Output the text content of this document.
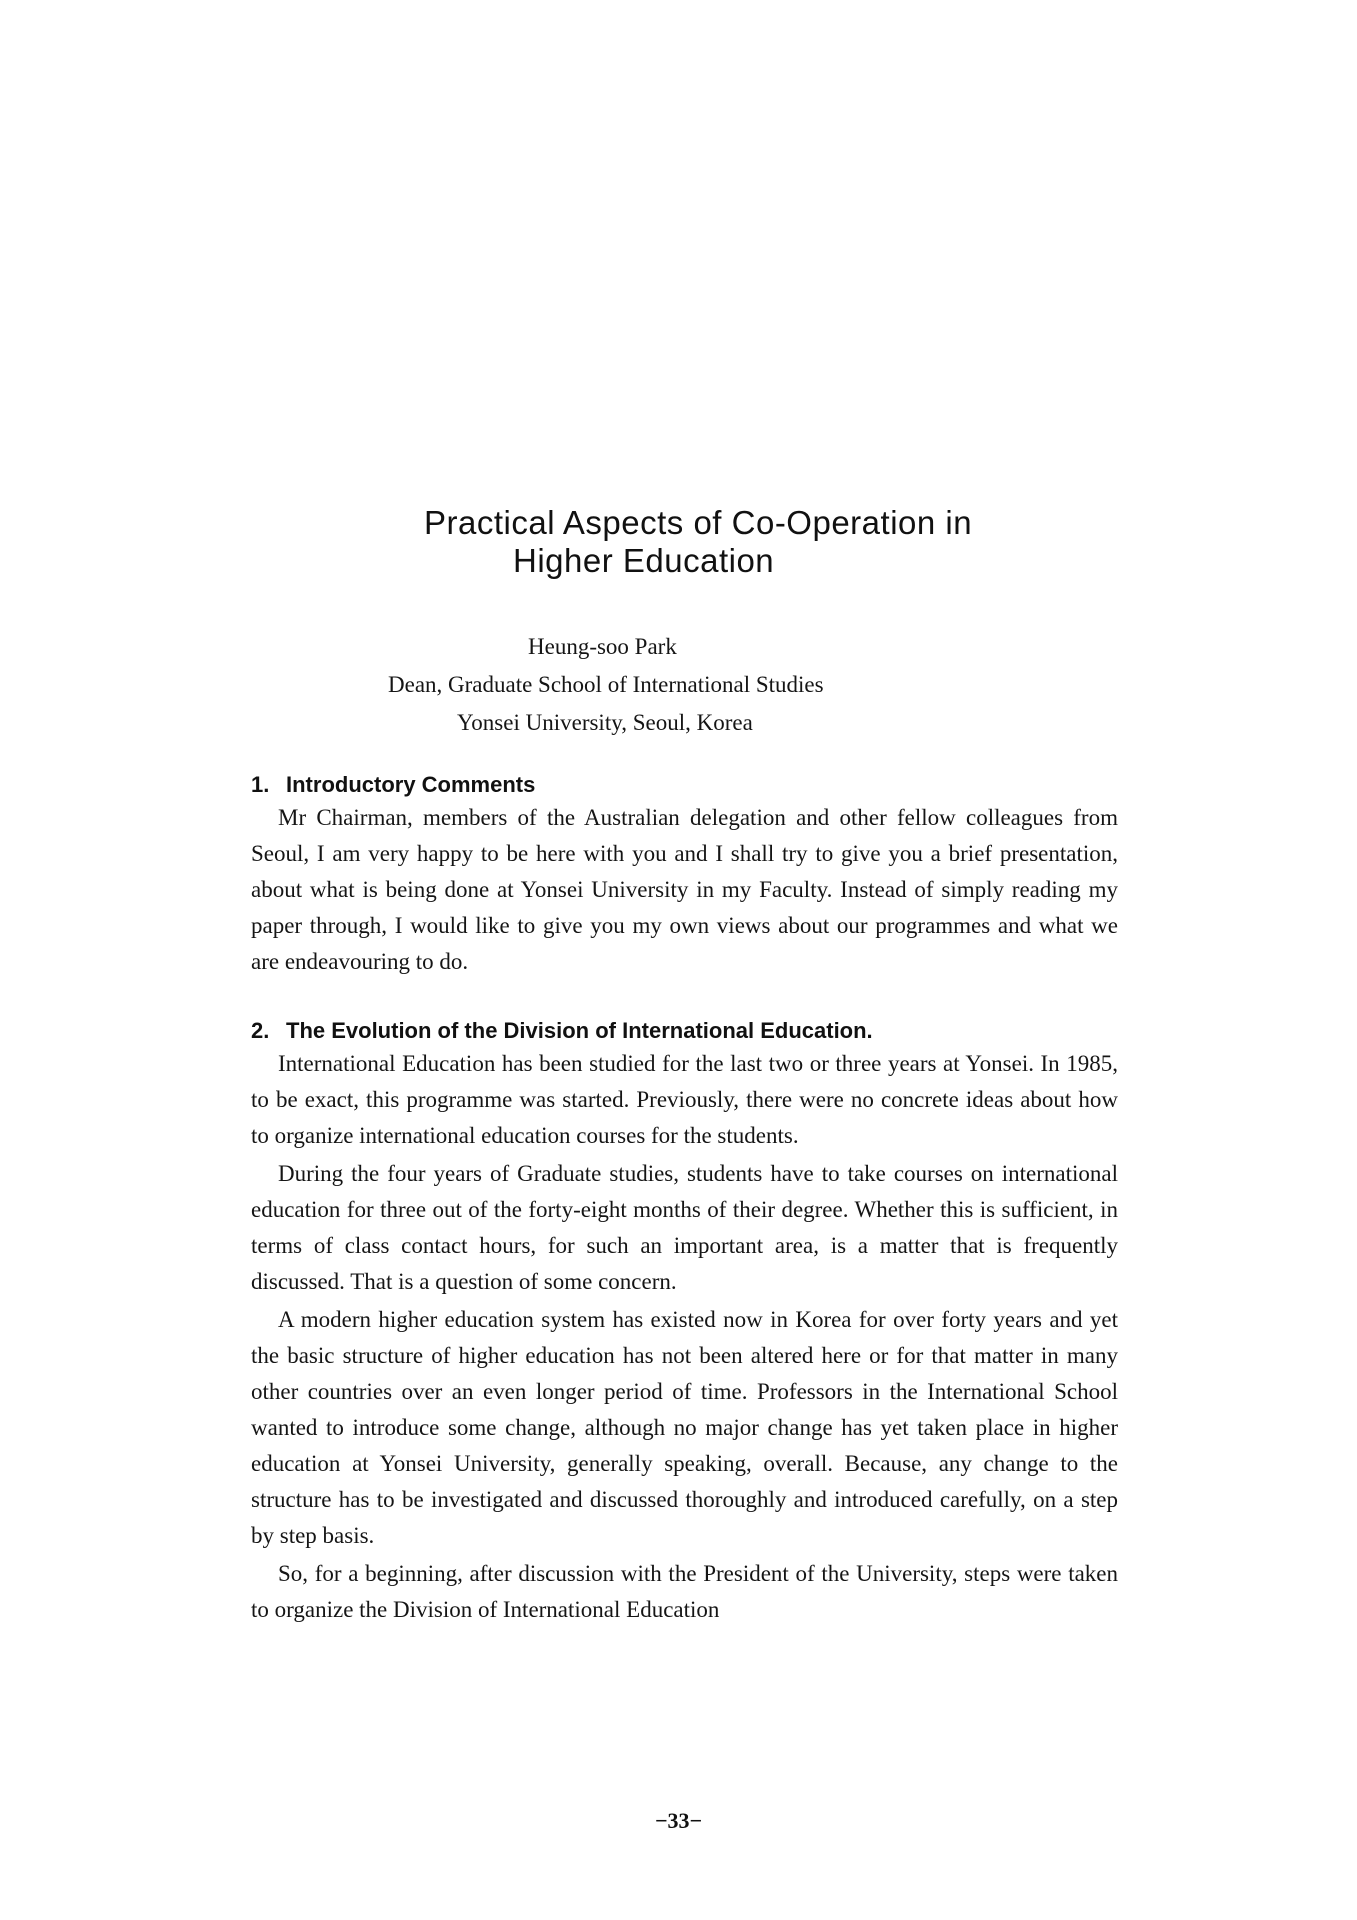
Practical Aspects of Co-Operation in
Higher Education
Heung-soo Park
Dean, Graduate School of International Studies
Yonsei University, Seoul, Korea
1. Introductory Comments

Mr Chairman, members of the Australian delegation and other fellow colleagues from Seoul, I am very happy to be here with you and I shall try to give you a brief presentation, about what is being done at Yonsei University in my Faculty. Instead of simply reading my paper through, I would like to give you my own views about our programmes and what we are endeavouring to do.

2. The Evolution of the Division of International Education.

International Education has been studied for the last two or three years at Yonsei. In 1985, to be exact, this programme was started. Previously, there were no concrete ideas about how to organize international education courses for the students.

During the four years of Graduate studies, students have to take courses on international education for three out of the forty-eight months of their degree. Whether this is sufficient, in terms of class contact hours, for such an important area, is a matter that is frequently discussed. That is a question of some concern.

A modern higher education system has existed now in Korea for over forty years and yet the basic structure of higher education has not been altered here or for that matter in many other countries over an even longer period of time. Professors in the International School wanted to introduce some change, although no major change has yet taken place in higher education at Yonsei University, generally speaking, overall. Because, any change to the structure has to be investigated and discussed thoroughly and introduced carefully, on a step by step basis.

So, for a beginning, after discussion with the President of the University, steps were taken to organize the Division of International Education

−33−
